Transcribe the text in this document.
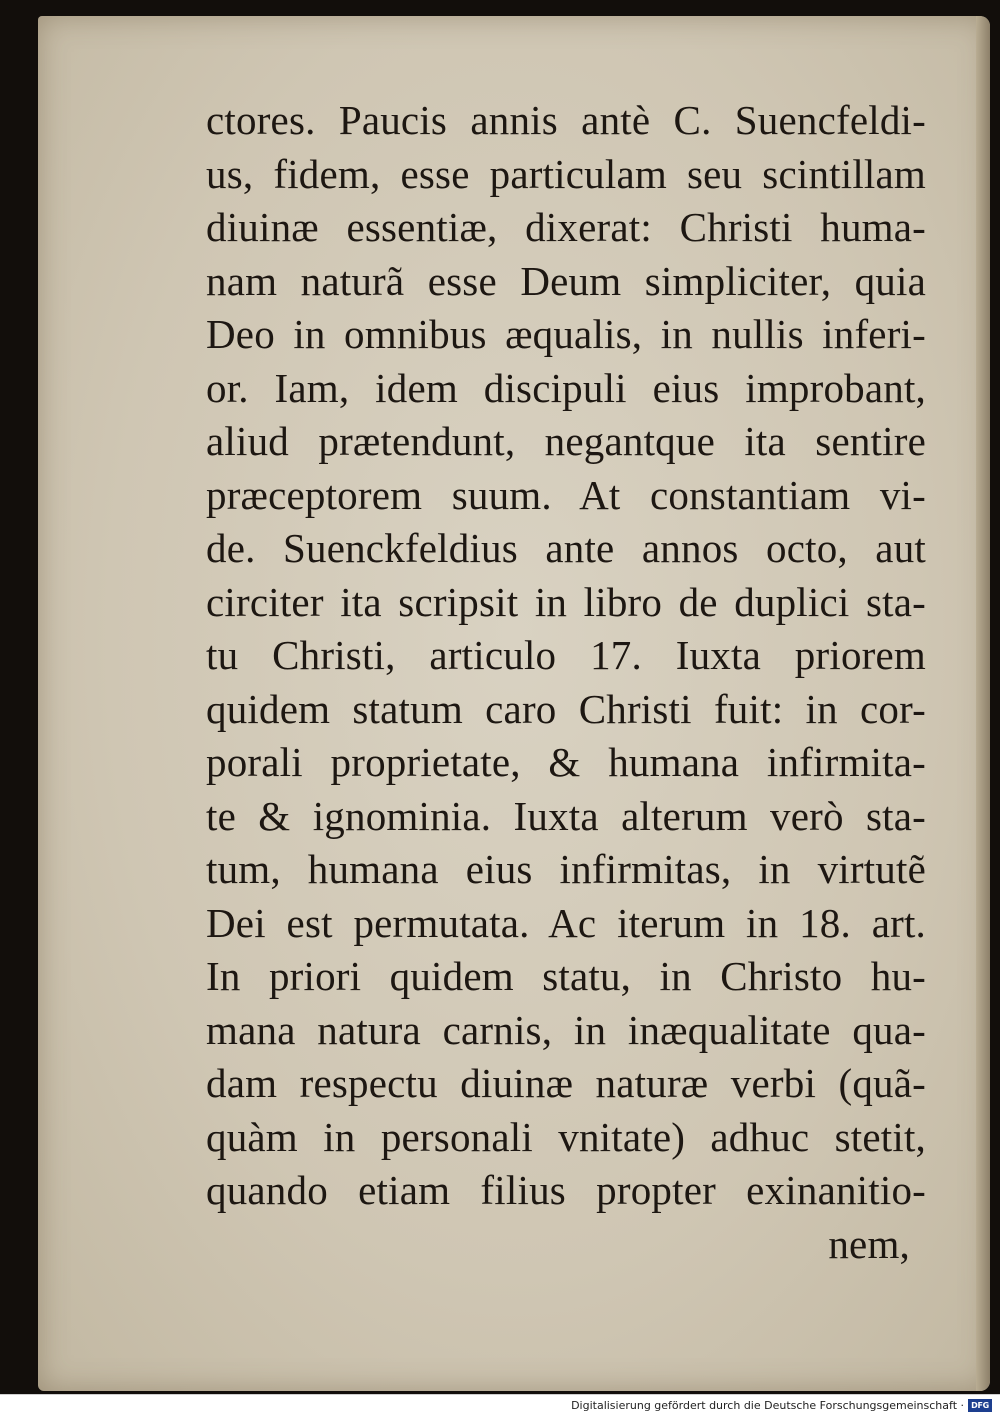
ctores. Paucis annis antè C. Suencfeldi-
us, fidem, esse particulam seu scintillam
diuinæ essentiæ, dixerat: Christi huma-
nam naturã esse Deum simpliciter, quia
Deo in omnibus æqualis, in nullis inferi-
or. Iam, idem discipuli eius improbant,
aliud prætendunt, negantque ita sentire
præceptorem suum. At constantiam vi-
de. Suenckfeldius ante annos octo, aut
circiter ita scripsit in libro de duplici sta-
tu Christi, articulo 17. Iuxta priorem
quidem statum caro Christi fuit: in cor-
porali proprietate, & humana infirmita-
te & ignominia. Iuxta alterum verò sta-
tum, humana eius infirmitas, in virtutẽ
Dei est permutata. Ac iterum in 18. art.
In priori quidem statu, in Christo hu-
mana natura carnis, in inæqualitate qua-
dam respectu diuinæ naturæ verbi (quã-
quàm in personali vnitate) adhuc stetit,
quando etiam filius propter exinanitio-
nem,
Digitalisierung gefördert durch die Deutsche Forschungsgemeinschaft · DFG
